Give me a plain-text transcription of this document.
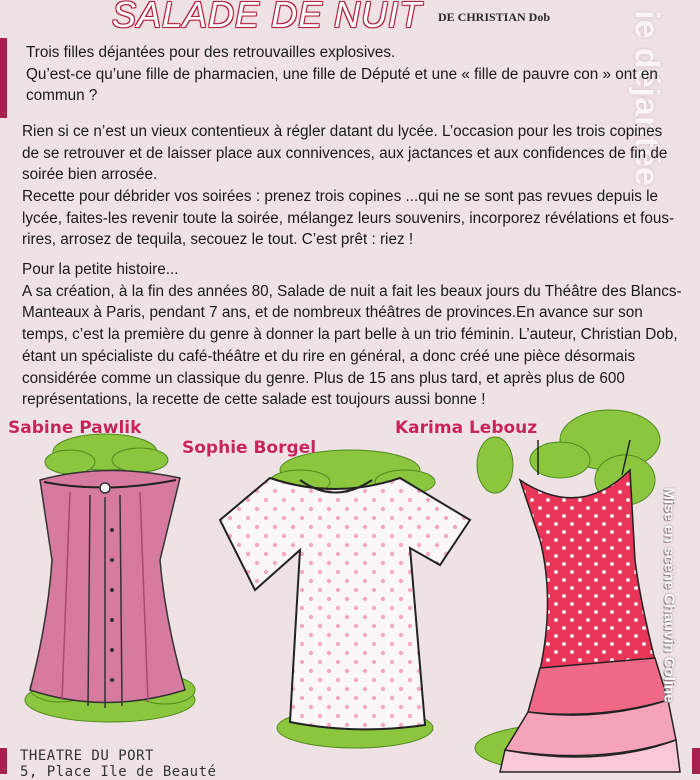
ie déjantée
SALADE DE NUIT DE CHRISTIAN Dob

Trois filles déjantées pour des retrouvailles explosives.

Qu’est-ce qu’une fille de pharmacien, une fille de Député et une « fille de pauvre con » ont en commun ?

Rien si ce n’est un vieux contentieux à régler datant du lycée. L’occasion pour les trois copines de se retrouver et de laisser place aux connivences, aux jactances et aux confidences de fin de soirée bien arrosée.

Recette pour débrider vos soirées : prenez trois copines ...qui ne se sont pas revues depuis le lycée, faites-les revenir toute la soirée, mélangez leurs souvenirs, incorporez révélations et fous-rires, arrosez de tequila, secouez le tout. C’est prêt : riez !

Pour la petite histoire...

A sa création, à la fin des années 80, Salade de nuit a fait les beaux jours du Théâtre des Blancs-Manteaux à Paris, pendant 7 ans, et de nombreux théâtres de provinces.En avance sur son temps, c’est la première du genre à donner la part belle à un trio féminin. L’auteur, Christian Dob, étant un spécialiste du café-théâtre et du rire en général, a donc créé une pièce désormais considérée comme un classique du genre. Plus de 15 ans plus tard, et après plus de 600 représentations, la recette de cette salade est toujours aussi bonne !

Sabine Pawlik
Sophie Borgel
Karima Lebouz
Mise en scène Chauvin Coline
THEATRE DU PORT
5, Place Ile de Beauté
